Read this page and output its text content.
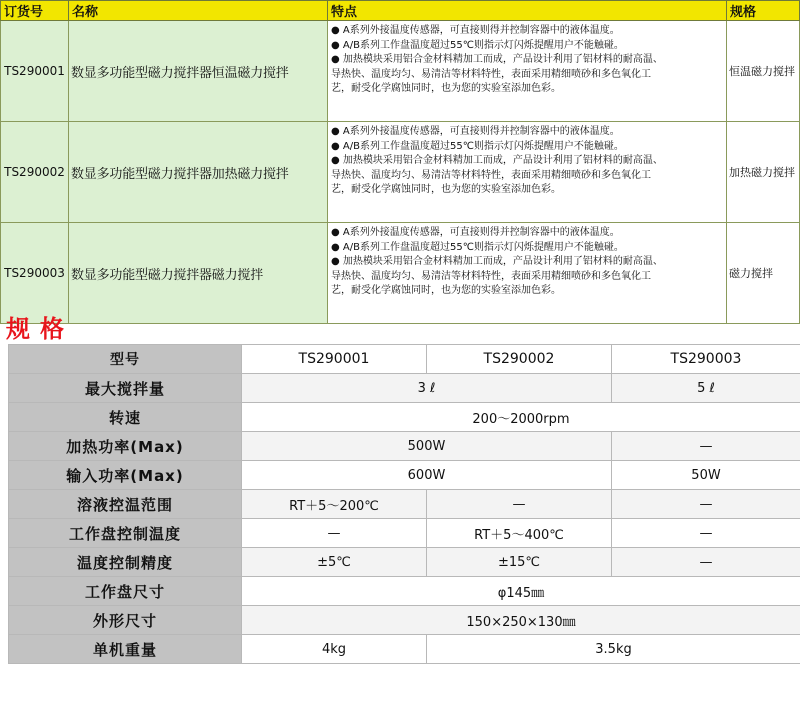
订货号	名称	特点	规格
TS290001	数显多功能型磁力搅拌器恒温磁力搅拌	● A系列外接温度传感器，可直接则得并控制容器中的液体温度。
● A/B系列工作盘温度超过55℃则指示灯闪烁提醒用户不能触碰。
● 加热模块采用铝合金材料精加工而成，产品设计利用了铝材料的耐高温、
导热快、温度均匀、易清洁等材料特性，表面采用精细喷砂和多色氧化工
艺，耐受化学腐蚀同时，也为您的实验室添加色彩。	恒温磁力搅拌
TS290002	数显多功能型磁力搅拌器加热磁力搅拌	● A系列外接温度传感器，可直接则得并控制容器中的液体温度。
● A/B系列工作盘温度超过55℃则指示灯闪烁提醒用户不能触碰。
● 加热模块采用铝合金材料精加工而成，产品设计利用了铝材料的耐高温、
导热快、温度均匀、易清洁等材料特性，表面采用精细喷砂和多色氧化工
艺，耐受化学腐蚀同时，也为您的实验室添加色彩。	加热磁力搅拌
TS290003	数显多功能型磁力搅拌器磁力搅拌	● A系列外接温度传感器，可直接则得并控制容器中的液体温度。
● A/B系列工作盘温度超过55℃则指示灯闪烁提醒用户不能触碰。
● 加热模块采用铝合金材料精加工而成，产品设计利用了铝材料的耐高温、
导热快、温度均匀、易清洁等材料特性，表面采用精细喷砂和多色氧化工
艺，耐受化学腐蚀同时，也为您的实验室添加色彩。	磁力搅拌
规格
型号	TS290001	TS290002	TS290003
最大搅拌量	3 ℓ		5 ℓ
转速	200～2000rpm		
加热功率(Max)	500W		—
输入功率(Max)	600W		50W
溶液控温范围	RT＋5～200℃	—	—
工作盘控制温度	—	RT＋5～400℃	—
温度控制精度	±5℃	±15℃	—
工作盘尺寸	φ145㎜		
外形尺寸	150×250×130㎜		
单机重量	4kg	3.5kg	
